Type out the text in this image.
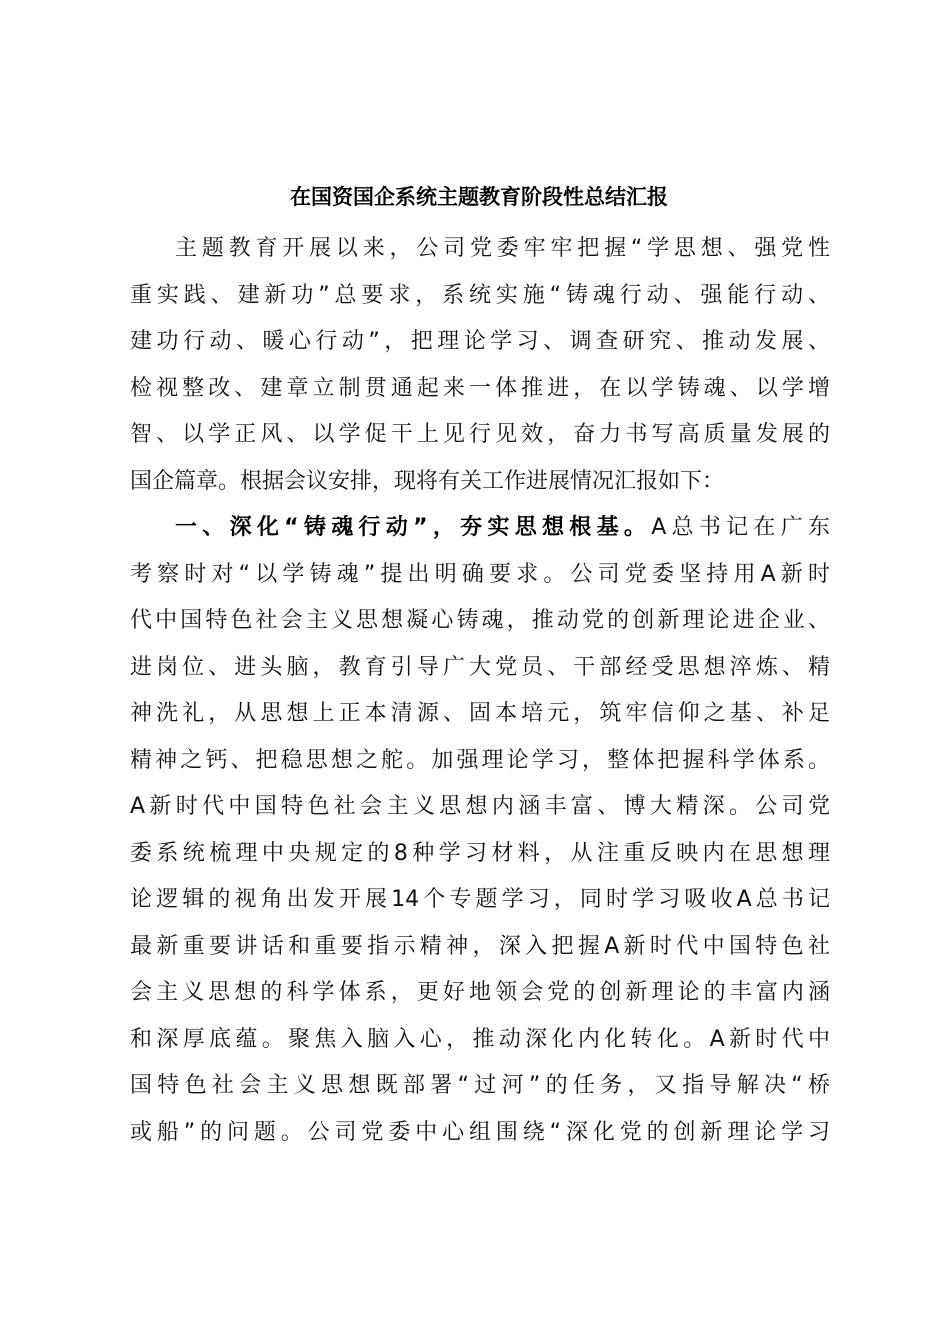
在国资国企系统主题教育阶段性总结汇报
主题教育开展以来，公司党委牢牢把握“学思想、强党性
重实践、建新功”总要求，系统实施“铸魂行动、强能行动、
建功行动、暖心行动”，把理论学习、调查研究、推动发展、
检视整改、建章立制贯通起来一体推进，在以学铸魂、以学增
智、以学正风、以学促干上见行见效，奋力书写高质量发展的
国企篇章。根据会议安排，现将有关工作进展情况汇报如下：
一、深化“铸魂行动”，夯实思想根基。A总书记在广东
考察时对“以学铸魂”提出明确要求。公司党委坚持用A新时
代中国特色社会主义思想凝心铸魂，推动党的创新理论进企业、
进岗位、进头脑，教育引导广大党员、干部经受思想淬炼、精
神洗礼，从思想上正本清源、固本培元，筑牢信仰之基、补足
精神之钙、把稳思想之舵。加强理论学习，整体把握科学体系。
A新时代中国特色社会主义思想内涵丰富、博大精深。公司党
委系统梳理中央规定的8种学习材料，从注重反映内在思想理
论逻辑的视角出发开展14个专题学习，同时学习吸收A总书记
最新重要讲话和重要指示精神，深入把握A新时代中国特色社
会主义思想的科学体系，更好地领会党的创新理论的丰富内涵
和深厚底蕴。聚焦入脑入心，推动深化内化转化。A新时代中
国特色社会主义思想既部署“过河”的任务，又指导解决“桥
或船”的问题。公司党委中心组围绕“深化党的创新理论学习
